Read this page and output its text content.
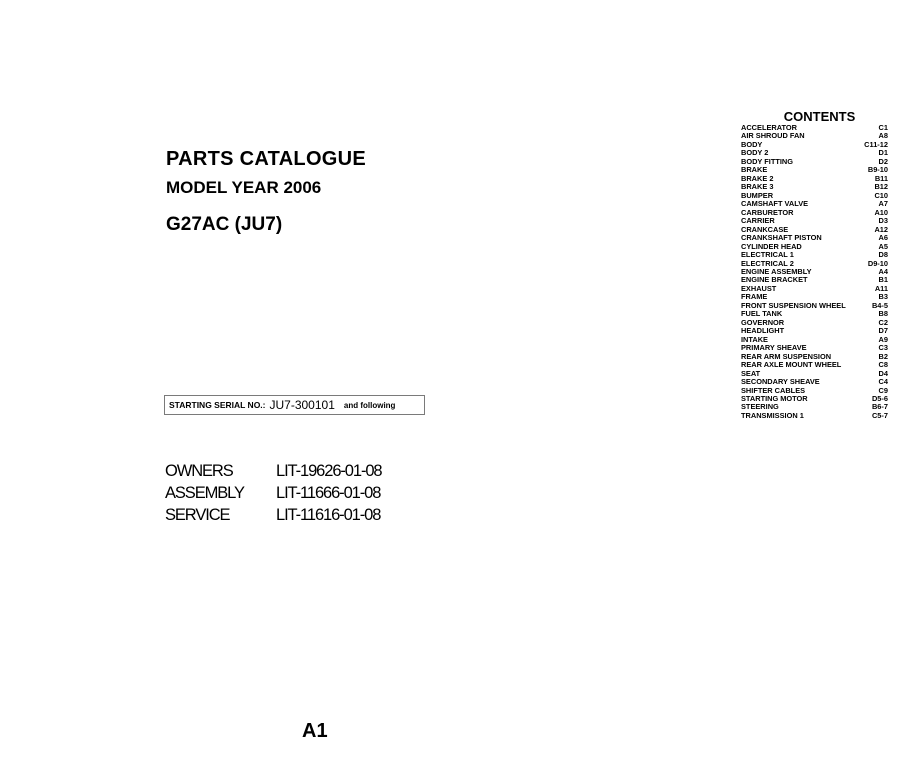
PARTS CATALOGUE
MODEL YEAR 2006
G27AC (JU7)
STARTING SERIAL NO.: JU7-300101 and following
OWNERS	LIT-19626-01-08
ASSEMBLY	LIT-11666-01-08
SERVICE	LIT-11616-01-08
CONTENTS
ACCELERATOR	C1
AIR SHROUD FAN	A8
BODY	C11-12
BODY 2	D1
BODY FITTING	D2
BRAKE	B9-10
BRAKE 2	B11
BRAKE 3	B12
BUMPER	C10
CAMSHAFT VALVE	A7
CARBURETOR	A10
CARRIER	D3
CRANKCASE	A12
CRANKSHAFT PISTON	A6
CYLINDER HEAD	A5
ELECTRICAL 1	D8
ELECTRICAL 2	D9-10
ENGINE ASSEMBLY	A4
ENGINE BRACKET	B1
EXHAUST	A11
FRAME	B3
FRONT SUSPENSION WHEEL	B4-5
FUEL TANK	B8
GOVERNOR	C2
HEADLIGHT	D7
INTAKE	A9
PRIMARY SHEAVE	C3
REAR ARM SUSPENSION	B2
REAR AXLE MOUNT WHEEL	C8
SEAT	D4
SECONDARY SHEAVE	C4
SHIFTER CABLES	C9
STARTING MOTOR	D5-6
STEERING	B6-7
TRANSMISSION 1	C5-7
A1
